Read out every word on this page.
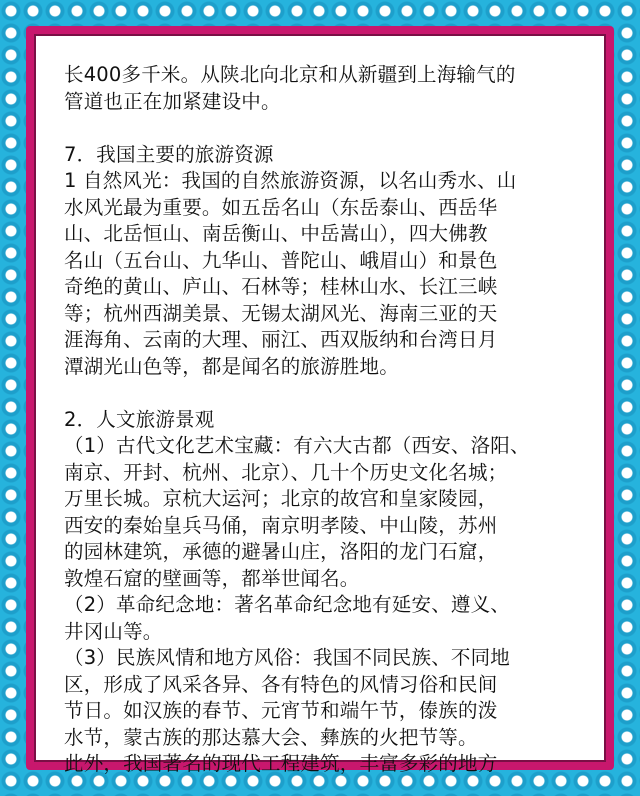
长400多千米。从陕北向北京和从新疆到上海输气的
管道也正在加紧建设中。
7．我国主要的旅游资源
1 自然风光：我国的自然旅游资源，以名山秀水、山
水风光最为重要。如五岳名山（东岳泰山、西岳华
山、北岳恒山、南岳衡山、中岳嵩山），四大佛教
名山（五台山、九华山、普陀山、峨眉山）和景色
奇绝的黄山、庐山、石林等；桂林山水、长江三峡
等；杭州西湖美景、无锡太湖风光、海南三亚的天
涯海角、云南的大理、丽江、西双版纳和台湾日月
潭湖光山色等，都是闻名的旅游胜地。
2．人文旅游景观
（1）古代文化艺术宝藏：有六大古都（西安、洛阳、
南京、开封、杭州、北京）、几十个历史文化名城；
万里长城。京杭大运河；北京的故宫和皇家陵园，
西安的秦始皇兵马俑，南京明孝陵、中山陵，苏州
的园林建筑，承德的避暑山庄，洛阳的龙门石窟，
敦煌石窟的壁画等，都举世闻名。
（2）革命纪念地：著名革命纪念地有延安、遵义、
井冈山等。
（3）民族风情和地方风俗：我国不同民族、不同地
区，形成了风采各异、各有特色的风情习俗和民间
节日。如汉族的春节、元宵节和端午节，傣族的泼
水节，蒙古族的那达慕大会、彝族的火把节等。
此外，我国著名的现代工程建筑，丰富多彩的地方
